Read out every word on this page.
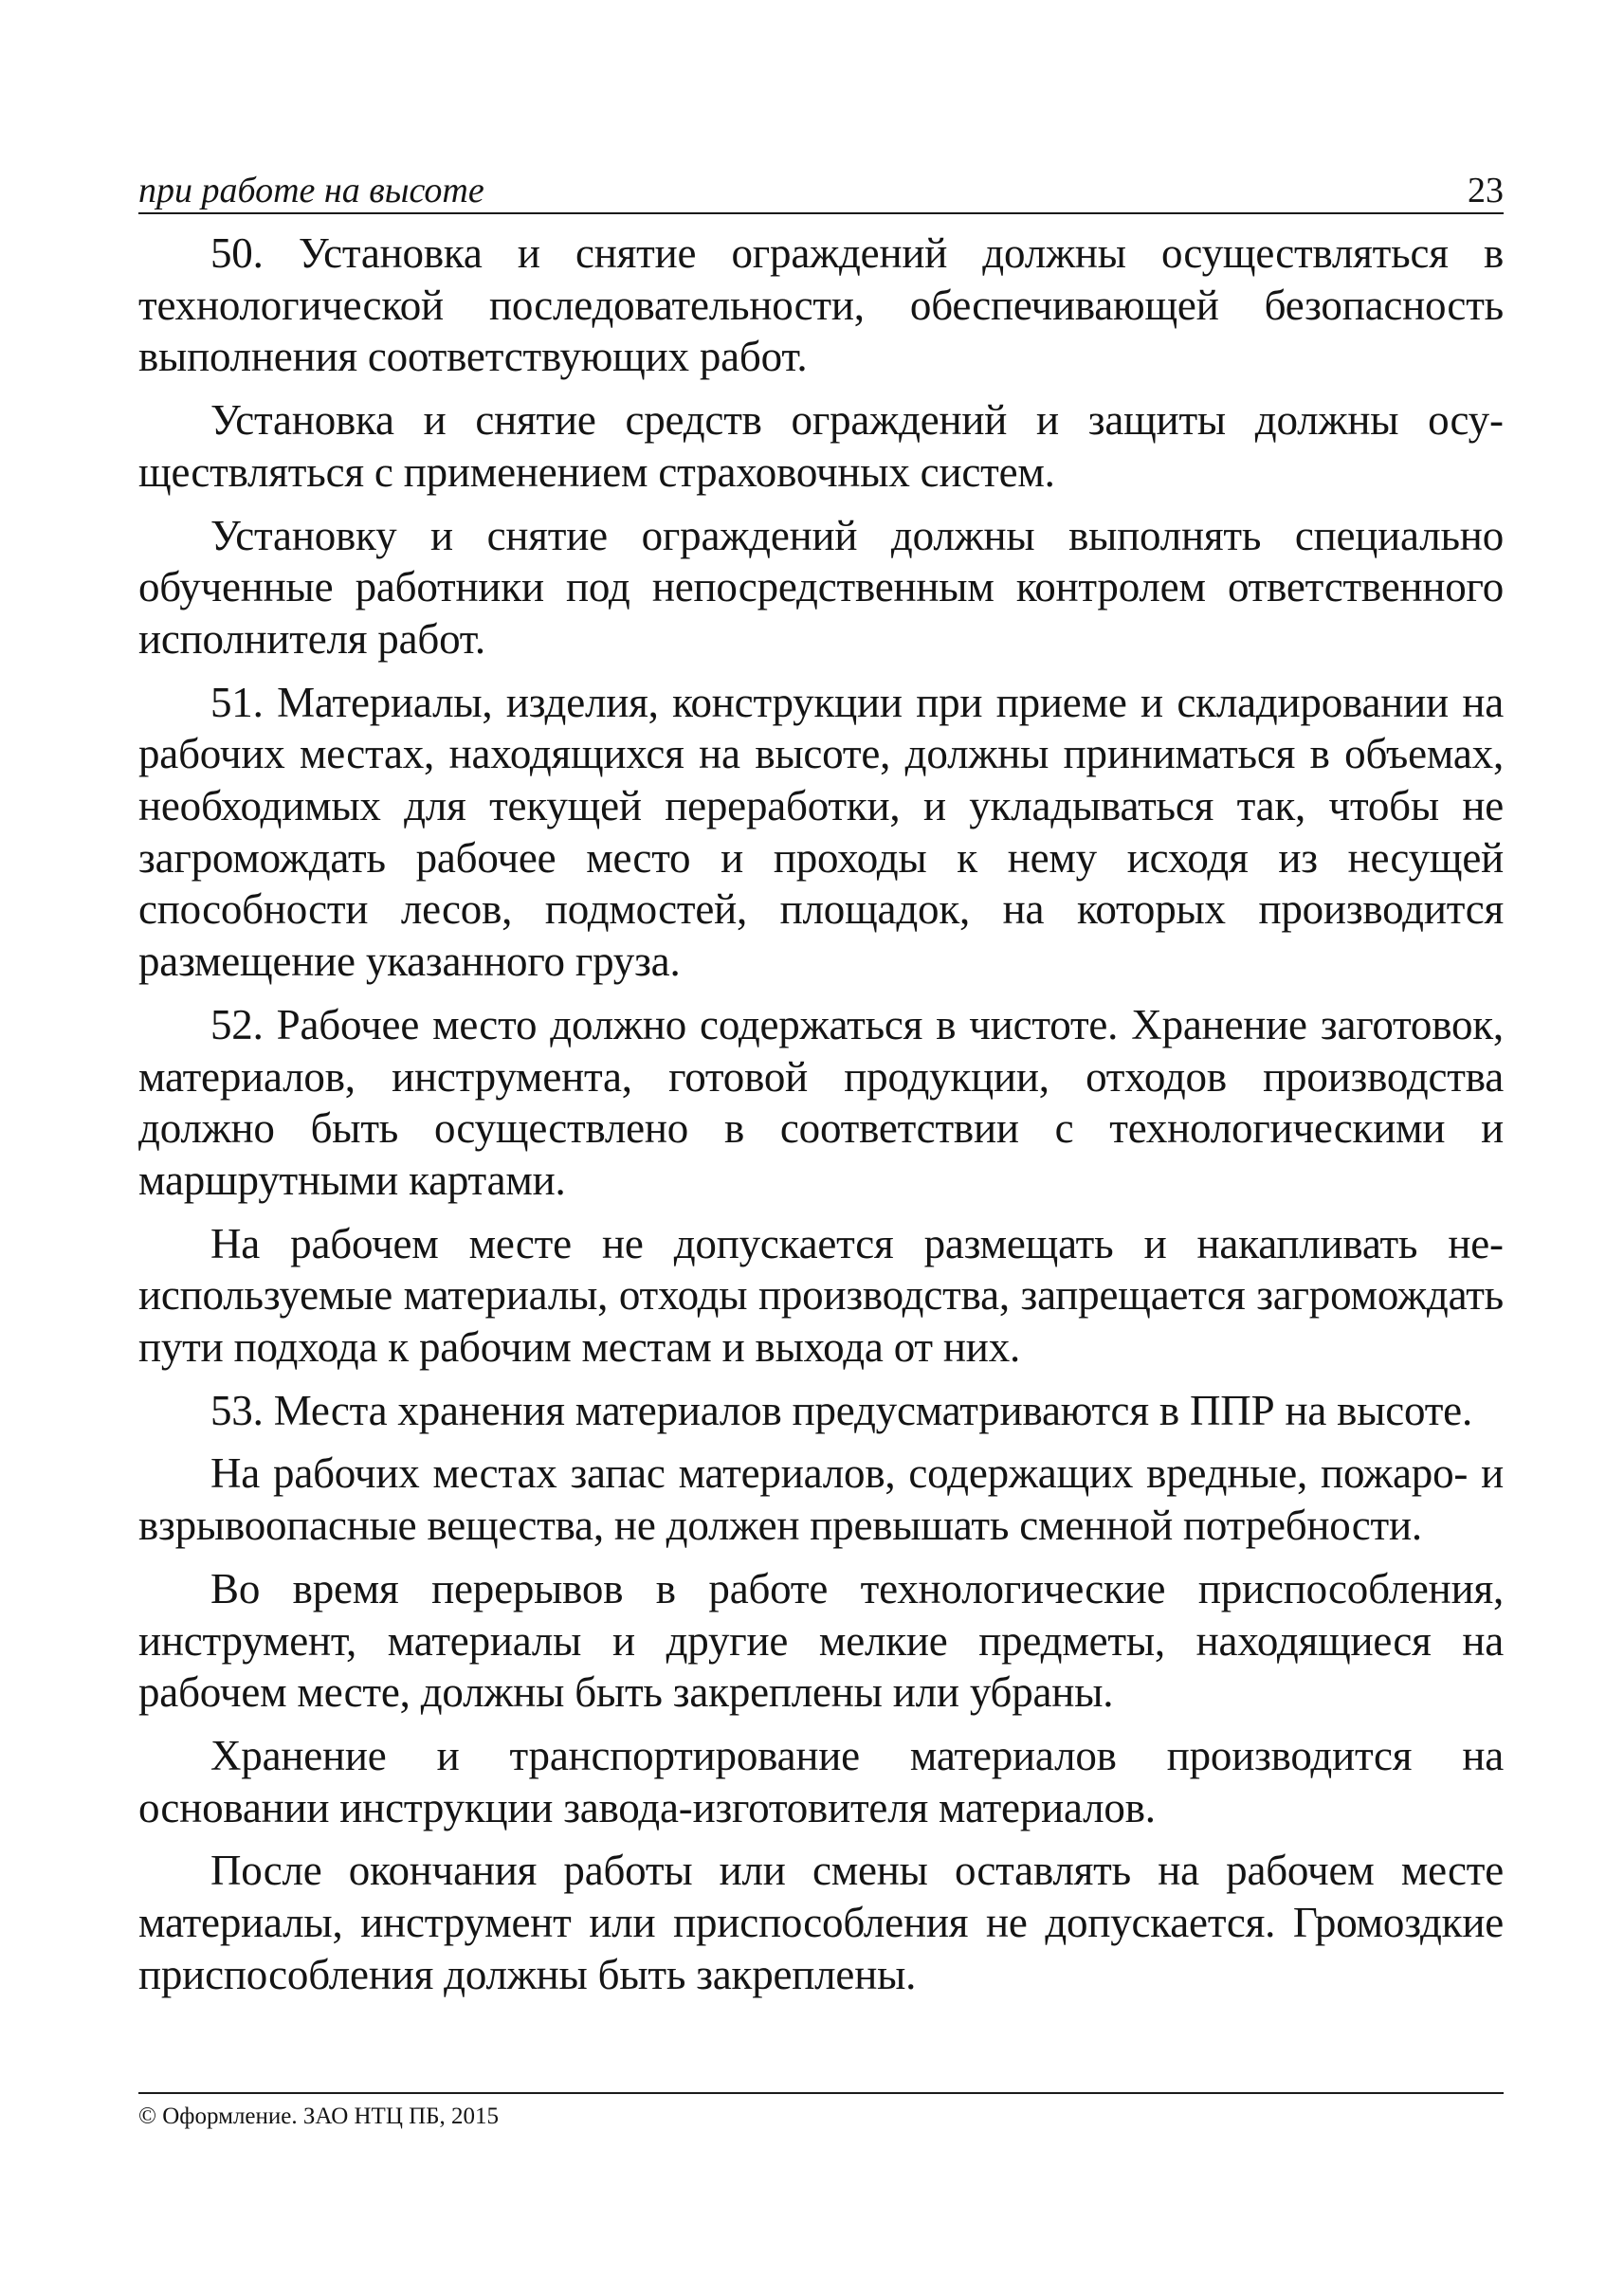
при работе на высоте	23

50. Установка и снятие ограждений должны осуществляться в технологической последовательности, обеспечивающей безопасность выполнения соответствующих работ.

Установка и снятие средств ограждений и защиты должны осуществляться с применением страховочных систем.

Установку и снятие ограждений должны выполнять специально обученные работники под непосредственным контролем ответственного исполнителя работ.

51. Материалы, изделия, конструкции при приеме и складировании на рабочих местах, находящихся на высоте, должны приниматься в объемах, необходимых для текущей переработки, и укладываться так, чтобы не загромождать рабочее место и проходы к нему исходя из несущей способности лесов, подмостей, площадок, на которых производится размещение указанного груза.

52. Рабочее место должно содержаться в чистоте. Хранение заготовок, материалов, инструмента, готовой продукции, отходов производства должно быть осуществлено в соответствии с технологическими и маршрутными картами.

На рабочем месте не допускается размещать и накапливать неиспользуемые материалы, отходы производства, запрещается загромождать пути подхода к рабочим местам и выхода от них.

53. Места хранения материалов предусматриваются в ППР на высоте.

На рабочих местах запас материалов, содержащих вредные, пожаро- и взрывоопасные вещества, не должен превышать сменной потребности.

Во время перерывов в работе технологические приспособления, инструмент, материалы и другие мелкие предметы, находящиеся на рабочем месте, должны быть закреплены или убраны.

Хранение и транспортирование материалов производится на основании инструкции завода-изготовителя материалов.

После окончания работы или смены оставлять на рабочем месте материалы, инструмент или приспособления не допускается. Громоздкие приспособления должны быть закреплены.

© Оформление. ЗАО НТЦ ПБ, 2015
